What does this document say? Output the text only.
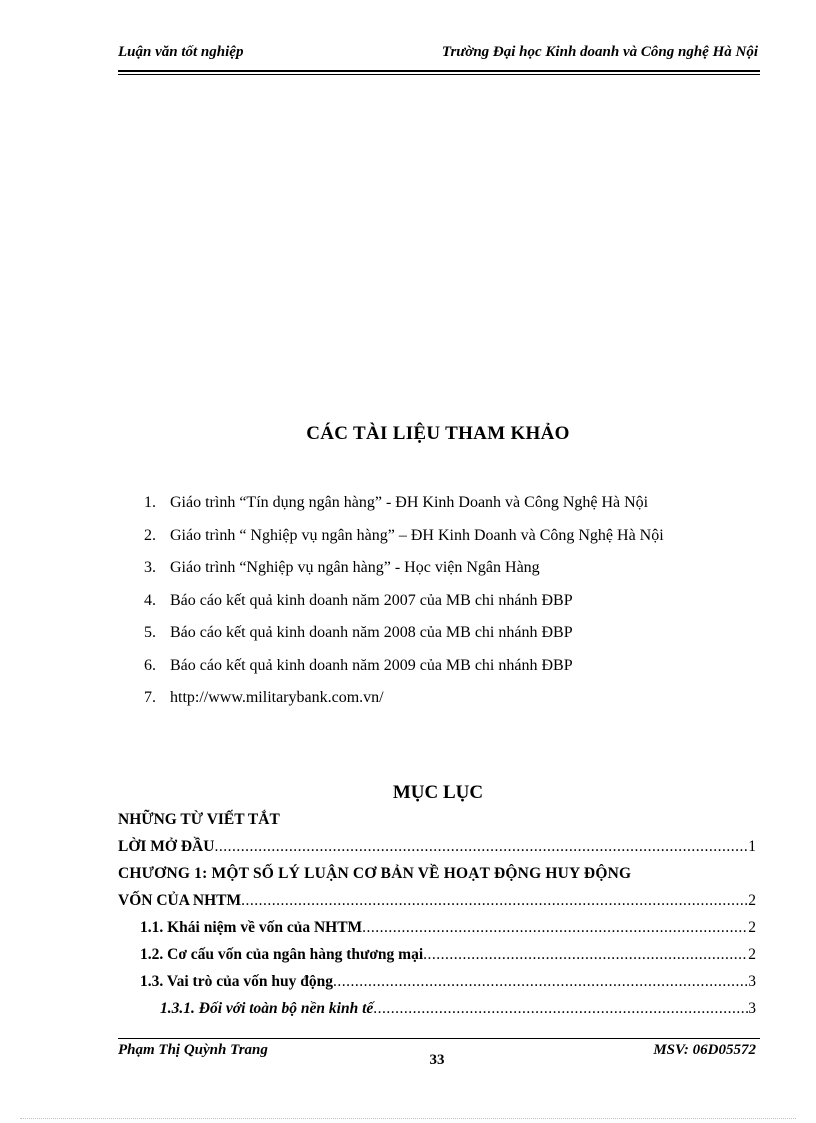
Luận văn tốt nghiệp	Trường Đại học Kinh doanh và Công nghệ Hà Nội
CÁC TÀI LIỆU THAM KHẢO
1. Giáo trình “Tín dụng ngân hàng” - ĐH Kinh Doanh và Công Nghệ Hà Nội
2. Giáo trình “ Nghiệp vụ ngân hàng” – ĐH Kinh Doanh và Công Nghệ Hà Nội
3. Giáo trình “Nghiệp vụ ngân hàng” - Học viện Ngân Hàng
4. Báo cáo kết quả kinh doanh năm 2007 của MB chi nhánh ĐBP
5. Báo cáo kết quả kinh doanh năm 2008 của MB chi nhánh ĐBP
6. Báo cáo kết quả kinh doanh năm 2009 của MB chi nhánh ĐBP
7. http://www.militarybank.com.vn/
MỤC LỤC
NHỮNG TỪ VIẾT TẮT
LỜI MỞ ĐẦU .....	1
CHƯƠNG 1: MỘT SỐ LÝ LUẬN CƠ BẢN VỀ HOẠT ĐỘNG HUY ĐỘNG
VỐN CỦA NHTM .....	2
1.1. Khái niệm về vốn của NHTM .....	2
1.2. Cơ cấu vốn của ngân hàng thương mại .....	2
1.3. Vai trò của vốn huy động .....	3
1.3.1. Đối với toàn bộ nền kinh tế .....	3
Phạm Thị Quỳnh Trang
33
MSV: 06D05572
